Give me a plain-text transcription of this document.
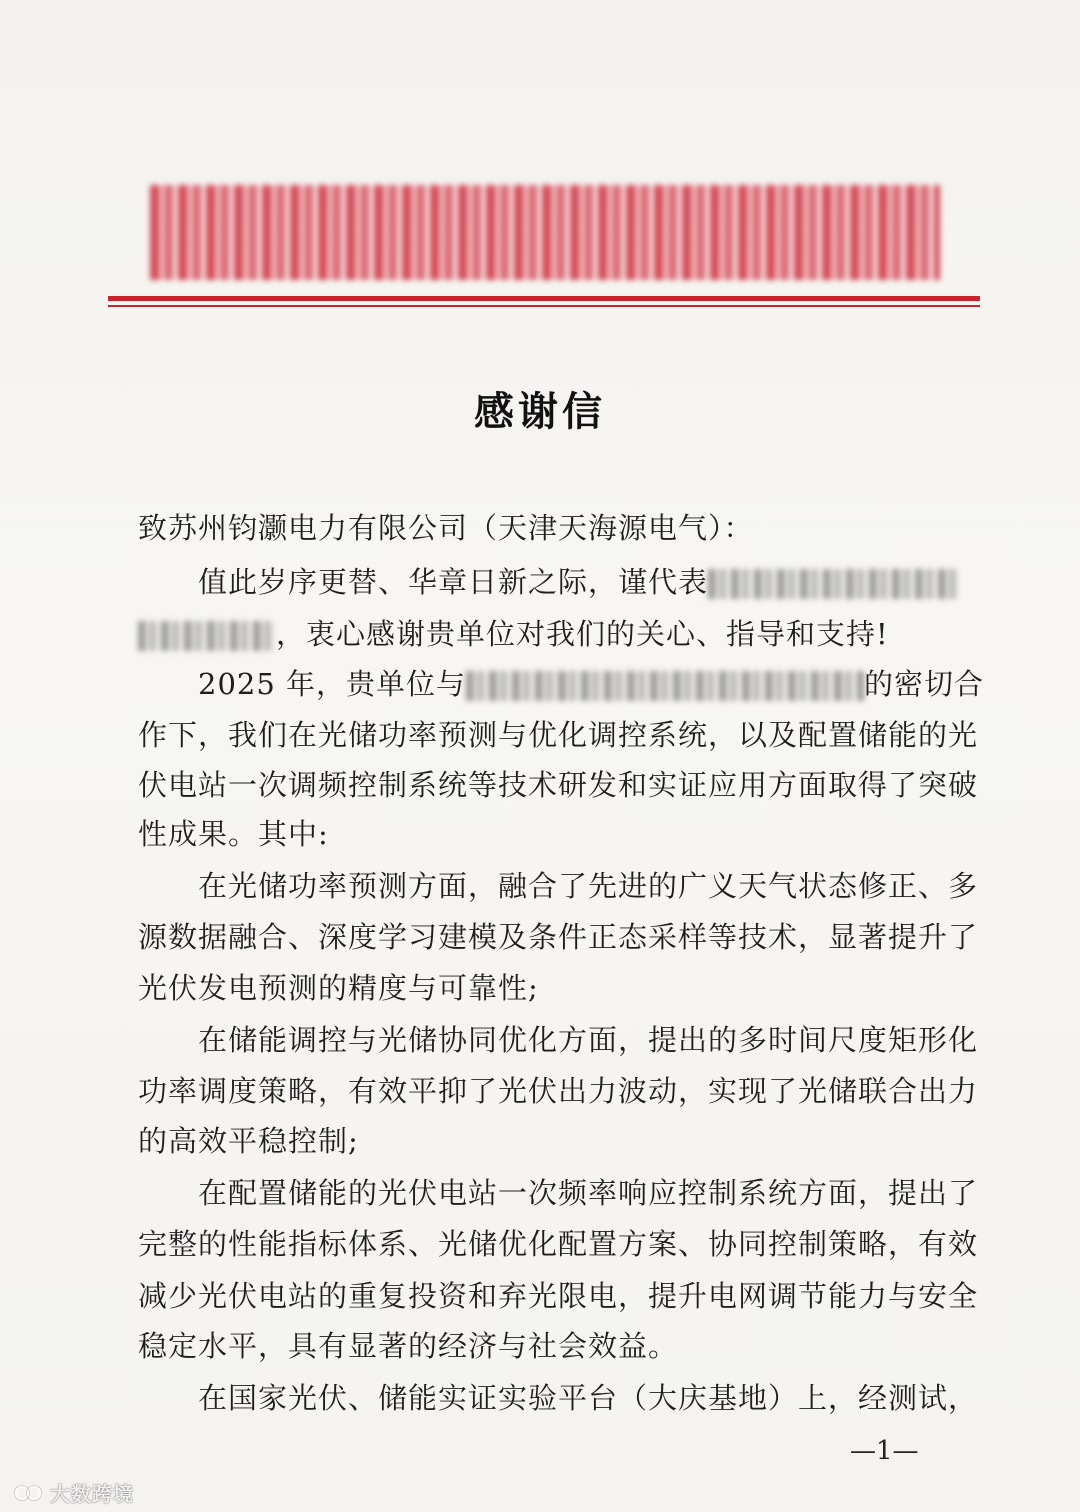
感谢信
致苏州钧灏电力有限公司（天津天海源电气）：
值此岁序更替、华章日新之际，谨代表
，衷心感谢贵单位对我们的关心、指导和支持!
2025 年，贵单位与	的密切合
作下，我们在光储功率预测与优化调控系统，以及配置储能的光
伏电站一次调频控制系统等技术研发和实证应用方面取得了突破
性成果。其中:
在光储功率预测方面，融合了先进的广义天气状态修正、多
源数据融合、深度学习建模及条件正态采样等技术，显著提升了
光伏发电预测的精度与可靠性;
在储能调控与光储协同优化方面，提出的多时间尺度矩形化
功率调度策略，有效平抑了光伏出力波动，实现了光储联合出力
的高效平稳控制;
在配置储能的光伏电站一次频率响应控制系统方面，提出了
完整的性能指标体系、光储优化配置方案、协同控制策略，有效
减少光伏电站的重复投资和弃光限电，提升电网调节能力与安全
稳定水平，具有显著的经济与社会效益。
在国家光伏、储能实证实验平台（大庆基地）上，经测试，
—1—
大数跨境
